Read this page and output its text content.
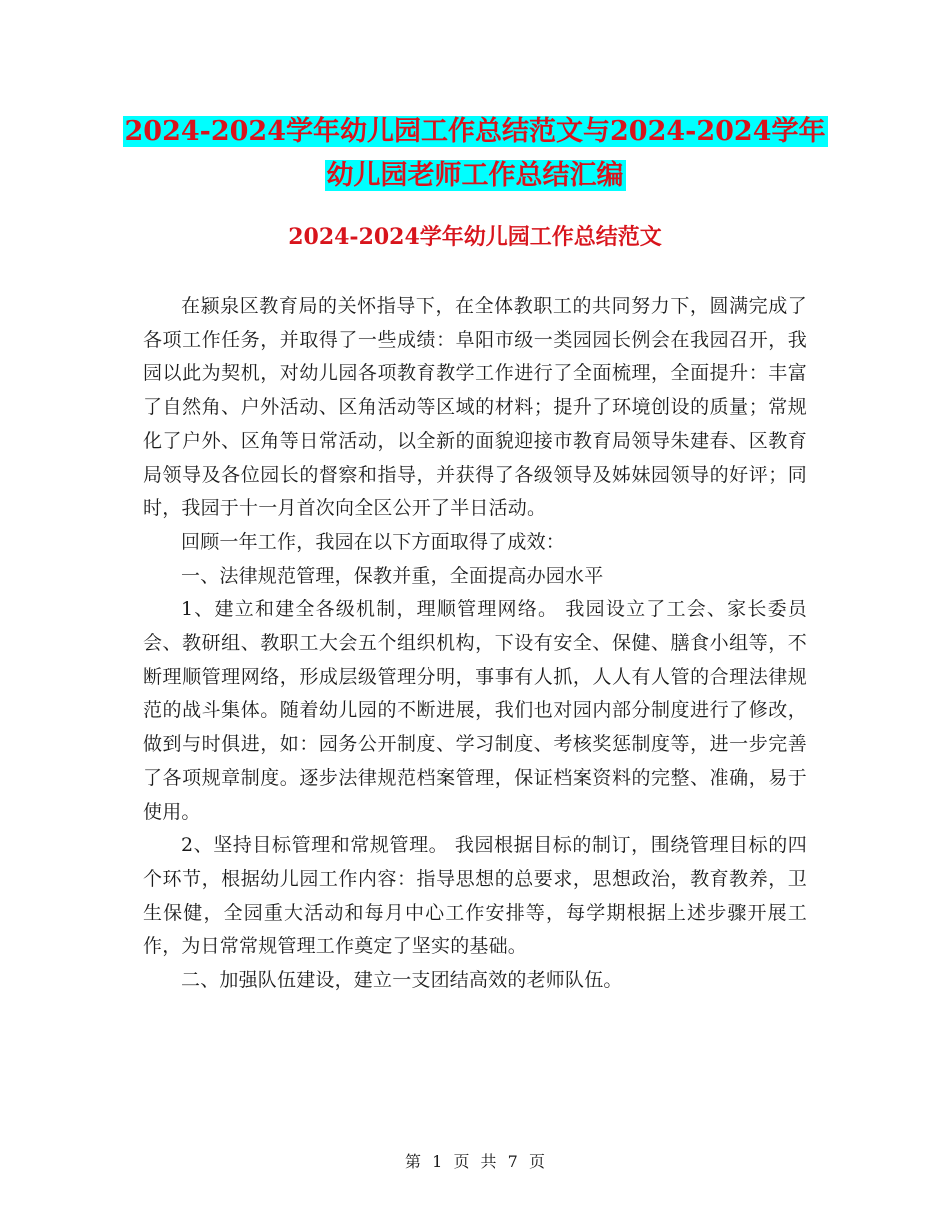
2024-2024学年幼儿园工作总结范文与2024-2024学年
幼儿园老师工作总结汇编
2024-2024学年幼儿园工作总结范文

在颍泉区教育局的关怀指导下，在全体教职工的共同努力下，圆满完成了各项工作任务，并取得了一些成绩：阜阳市级一类园园长例会在我园召开，我园以此为契机，对幼儿园各项教育教学工作进行了全面梳理，全面提升：丰富了自然角、户外活动、区角活动等区域的材料；提升了环境创设的质量；常规化了户外、区角等日常活动，以全新的面貌迎接市教育局领导朱建春、区教育局领导及各位园长的督察和指导，并获得了各级领导及姊妹园领导的好评；同时，我园于十一月首次向全区公开了半日活动。

回顾一年工作，我园在以下方面取得了成效：

一、法律规范管理，保教并重，全面提高办园水平

1、建立和建全各级机制，理顺管理网络。 我园设立了工会、家长委员会、教研组、教职工大会五个组织机构，下设有安全、保健、膳食小组等，不断理顺管理网络，形成层级管理分明，事事有人抓，人人有人管的合理法律规范的战斗集体。随着幼儿园的不断进展，我们也对园内部分制度进行了修改，做到与时俱进，如：园务公开制度、学习制度、考核奖惩制度等，进一步完善了各项规章制度。逐步法律规范档案管理，保证档案资料的完整、准确，易于使用。

2、坚持目标管理和常规管理。 我园根据目标的制订，围绕管理目标的四个环节，根据幼儿园工作内容：指导思想的总要求，思想政治，教育教养，卫生保健，全园重大活动和每月中心工作安排等，每学期根据上述步骤开展工作，为日常常规管理工作奠定了坚实的基础。

二、加强队伍建设，建立一支团结高效的老师队伍。

第 1 页 共 7 页
